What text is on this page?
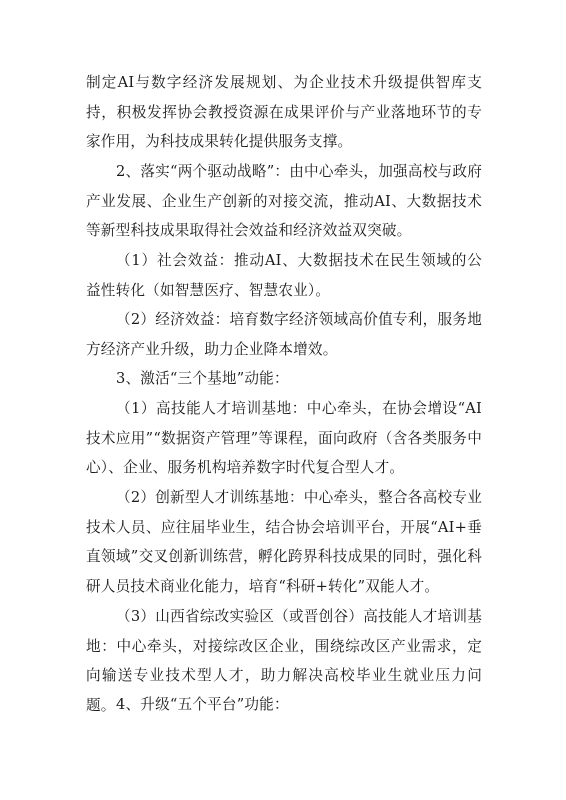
制定AI与数字经济发展规划、为企业技术升级提供智库支持，积极发挥协会教授资源在成果评价与产业落地环节的专家作用，为科技成果转化提供服务支撑。

2、落实“两个驱动战略”：由中心牵头，加强高校与政府产业发展、企业生产创新的对接交流，推动AI、大数据技术等新型科技成果取得社会效益和经济效益双突破。

（1）社会效益：推动AI、大数据技术在民生领域的公益性转化（如智慧医疗、智慧农业）。

（2）经济效益：培育数字经济领域高价值专利，服务地方经济产业升级，助力企业降本增效。

3、激活“三个基地”动能：

（1）高技能人才培训基地：中心牵头，在协会增设“AI技术应用”“数据资产管理”等课程，面向政府（含各类服务中心）、企业、服务机构培养数字时代复合型人才。

（2）创新型人才训练基地：中心牵头，整合各高校专业技术人员、应往届毕业生，结合协会培训平台，开展“AI+垂直领域”交叉创新训练营，孵化跨界科技成果的同时，强化科研人员技术商业化能力，培育“科研+转化”双能人才。

（3）山西省综改实验区（或晋创谷）高技能人才培训基地：中心牵头，对接综改区企业，围绕综改区产业需求，定向输送专业技术型人才，助力解决高校毕业生就业压力问题。 4、升级“五个平台”功能：
